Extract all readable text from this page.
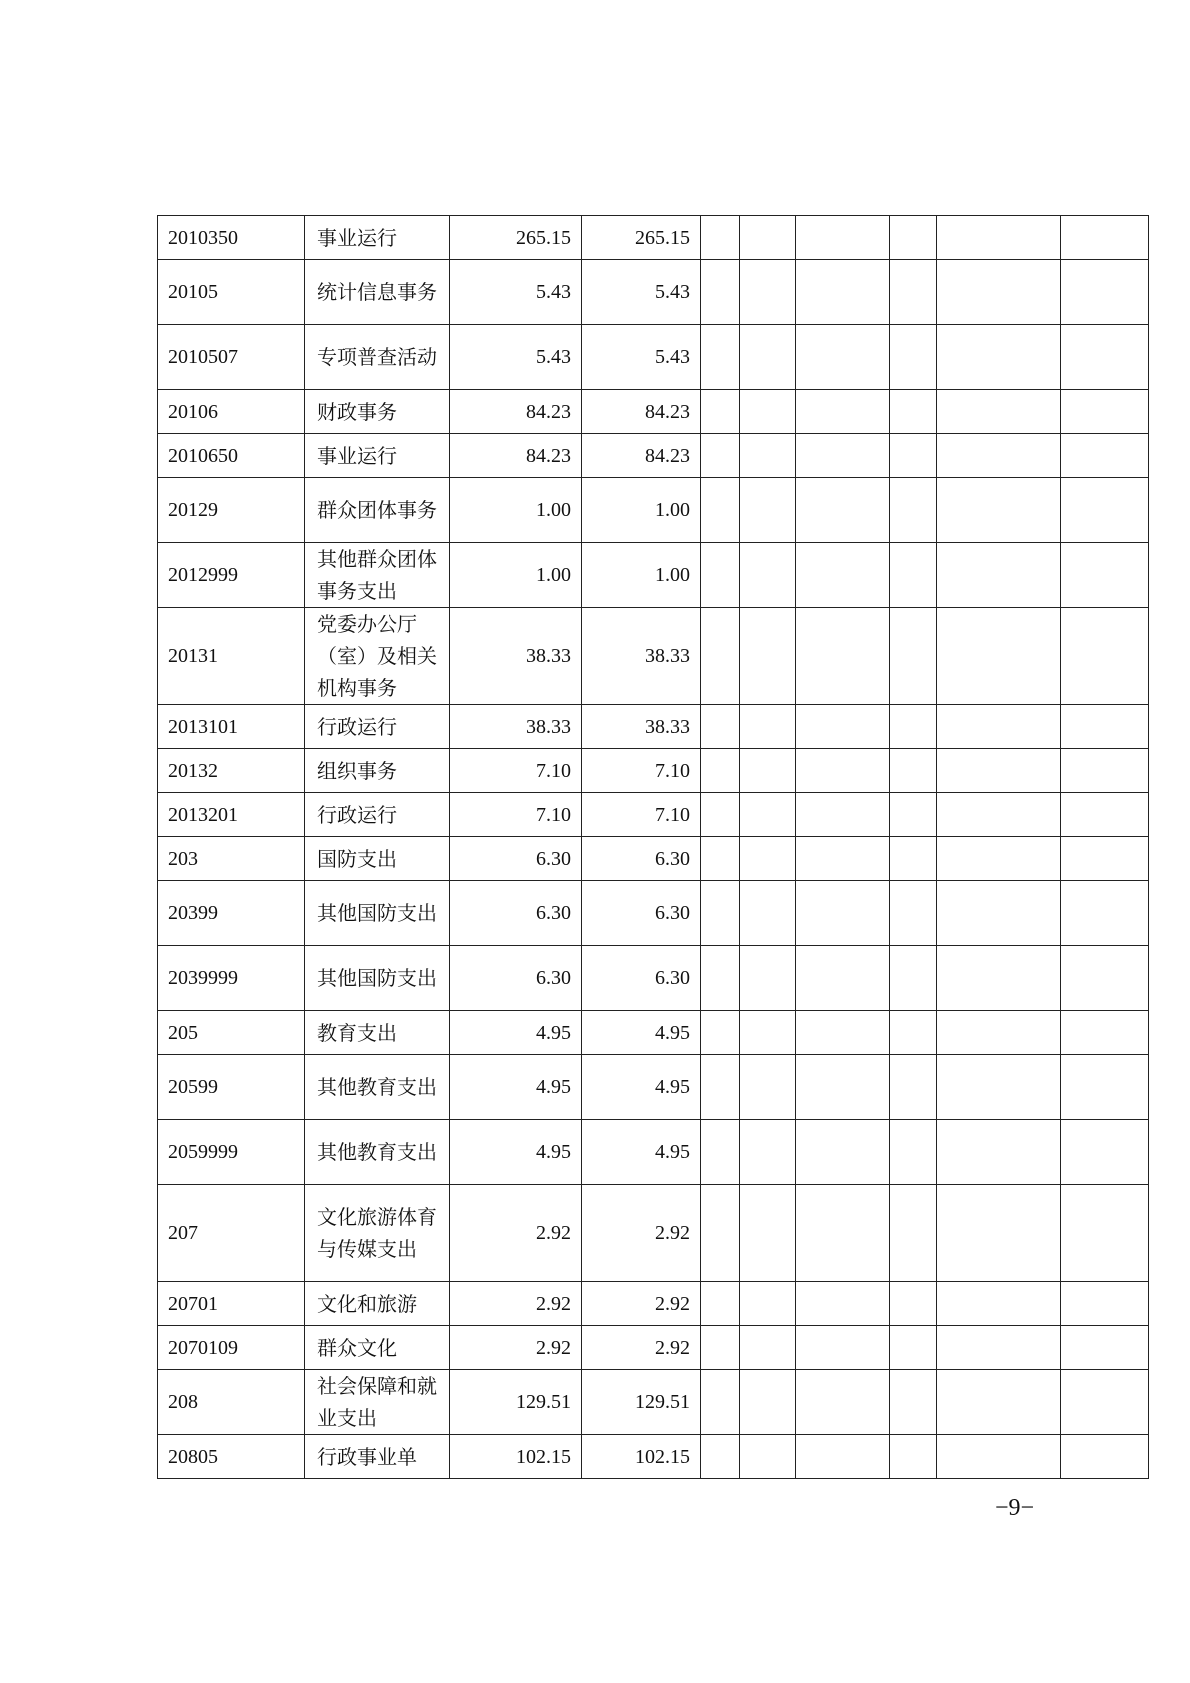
2010350	事业运行	265.15	265.15						
20105	统计信息事务	5.43	5.43						
2010507	专项普查活动	5.43	5.43						
20106	财政事务	84.23	84.23						
2010650	事业运行	84.23	84.23						
20129	群众团体事务	1.00	1.00						
2012999	其他群众团体事务支出	1.00	1.00						
20131	党委办公厅（室）及相关机构事务	38.33	38.33						
2013101	行政运行	38.33	38.33						
20132	组织事务	7.10	7.10						
2013201	行政运行	7.10	7.10						
203	国防支出	6.30	6.30						
20399	其他国防支出	6.30	6.30						
2039999	其他国防支出	6.30	6.30						
205	教育支出	4.95	4.95						
20599	其他教育支出	4.95	4.95						
2059999	其他教育支出	4.95	4.95						
207	文化旅游体育与传媒支出	2.92	2.92						
20701	文化和旅游	2.92	2.92						
2070109	群众文化	2.92	2.92						
208	社会保障和就业支出	129.51	129.51						
20805	行政事业单	102.15	102.15						
−9−
